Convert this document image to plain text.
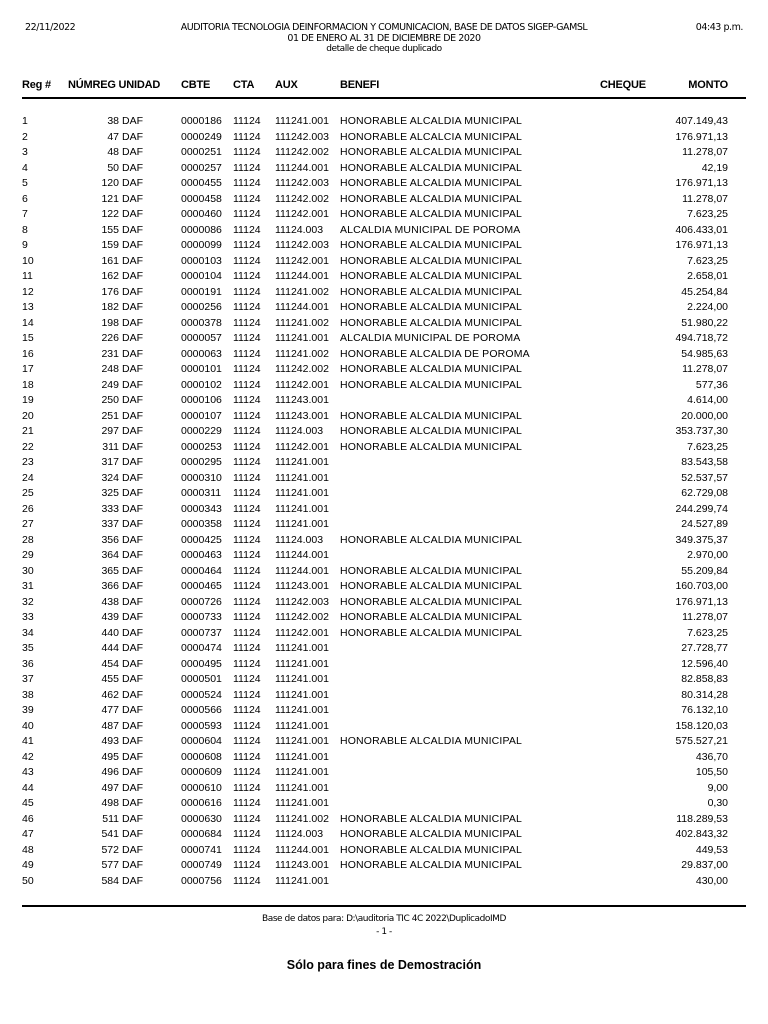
22/11/2022	AUDITORIA TECNOLOGIA DEINFORMACION Y COMUNICACION, BASE DE DATOS SIGEP-GAMSL
01 DE ENERO AL 31 DE DICIEMBRE DE 2020
detalle de cheque duplicado
04:43 p.m.
Reg # NÚMREG UNIDAD CBTE CTA AUX	BENEFI	CHEQUE	MONTO
1	38 DAF	0000186 11124 111241.001 HONORABLE ALCALDIA MUNICIPAL	407.149,43
2	47 DAF	0000249 11124 111242.003 HONORABLE ALCALCIA MUNICIPAL	176.971,13
3	48 DAF	0000251 11124 111242.002 HONORABLE ALCALDIA MUNICIPAL	11.278,07
4	50 DAF	0000257 11124 111244.001 HONORABLE ALCALDIA MUNICIPAL	42,19
5	120 DAF	0000455 11124 111242.003 HONORABLE ALCALDIA MUNICIPAL	176.971,13
6	121 DAF	0000458 11124 111242.002 HONORABLE ALCALDIA MUNICIPAL	11.278,07
7	122 DAF	0000460 11124 111242.001 HONORABLE ALCALDIA MUNICIPAL	7.623,25
8	155 DAF	0000086 11124 11124.003 ALCALDIA MUNICIPAL DE POROMA	406.433,01
9	159 DAF	0000099 11124 111242.003 HONORABLE ALCALDIA MUNICIPAL	176.971,13
10	161 DAF	0000103 11124 111242.001 HONORABLE ALCALDIA MUNICIPAL	7.623,25
11	162 DAF	0000104 11124 111244.001 HONORABLE ALCALDIA MUNICIPAL	2.658,01
12	176 DAF	0000191 11124 111241.002 HONORABLE ALCALDIA MUNICIPAL	45.254,84
13	182 DAF	0000256 11124 111244.001 HONORABLE ALCALDIA MUNICIPAL	2.224,00
14	198 DAF	0000378 11124 111241.002 HONORABLE ALCALDIA MUNICIPAL	51.980,22
15	226 DAF	0000057 11124 111241.001 ALCALDIA MUNICIPAL DE POROMA	494.718,72
16	231 DAF	0000063 11124 111241.002 HONORABLE ALCALDIA DE POROMA	54.985,63
17	248 DAF	0000101 11124 111242.002 HONORABLE ALCALDIA MUNICIPAL	11.278,07
18	249 DAF	0000102 11124 111242.001 HONORABLE ALCALDIA MUNICIPAL	577,36
19	250 DAF	0000106 11124 111243.001	4.614,00
20	251 DAF	0000107 11124 111243.001 HONORABLE ALCALDIA MUNICIPAL	20.000,00
21	297 DAF	0000229 11124 11124.003 HONORABLE ALCALDIA MUNICIPAL	353.737,30
22	311 DAF	0000253 11124 111242.001 HONORABLE ALCALDIA MUNICIPAL	7.623,25
23	317 DAF	0000295 11124 111241.001	83.543,58
24	324 DAF	0000310 11124 111241.001	52.537,57
25	325 DAF	0000311 11124 111241.001	62.729,08
26	333 DAF	0000343 11124 111241.001	244.299,74
27	337 DAF	0000358 11124 111241.001	24.527,89
28	356 DAF	0000425 11124 11124.003 HONORABLE ALCALDIA MUNICIPAL	349.375,37
29	364 DAF	0000463 11124 111244.001	2.970,00
30	365 DAF	0000464 11124 111244.001 HONORABLE ALCALDIA MUNICIPAL	55.209,84
31	366 DAF	0000465 11124 111243.001 HONORABLE ALCALDIA MUNICIPAL	160.703,00
32	438 DAF	0000726 11124 111242.003 HONORABLE ALCALDIA MUNICIPAL	176.971,13
33	439 DAF	0000733 11124 111242.002 HONORABLE ALCALDIA MUNICIPAL	11.278,07
34	440 DAF	0000737 11124 111242.001 HONORABLE ALCALDIA MUNICIPAL	7.623,25
35	444 DAF	0000474 11124 111241.001	27.728,77
36	454 DAF	0000495 11124 111241.001	12.596,40
37	455 DAF	0000501 11124 111241.001	82.858,83
38	462 DAF	0000524 11124 111241.001	80.314,28
39	477 DAF	0000566 11124 111241.001	76.132,10
40	487 DAF	0000593 11124 111241.001	158.120,03
41	493 DAF	0000604 11124 111241.001 HONORABLE ALCALDIA MUNICIPAL	575.527,21
42	495 DAF	0000608 11124 111241.001	436,70
43	496 DAF	0000609 11124 111241.001	105,50
44	497 DAF	0000610 11124 111241.001	9,00
45	498 DAF	0000616 11124 111241.001	0,30
46	511 DAF	0000630 11124 111241.002 HONORABLE ALCALDIA MUNICIPAL	118.289,53
47	541 DAF	0000684 11124 11124.003 HONORABLE ALCALDIA MUNICIPAL	402.843,32
48	572 DAF	0000741 11124 111244.001 HONORABLE ALCALDIA MUNICIPAL	449,53
49	577 DAF	0000749 11124 111243.001 HONORABLE ALCALDIA MUNICIPAL	29.837,00
50	584 DAF	0000756 11124 111241.001	430,00
Base de datos para: D:\auditoria TIC 4C 2022\DuplicadoIMD
- 1 -
Sólo para fines de Demostración
